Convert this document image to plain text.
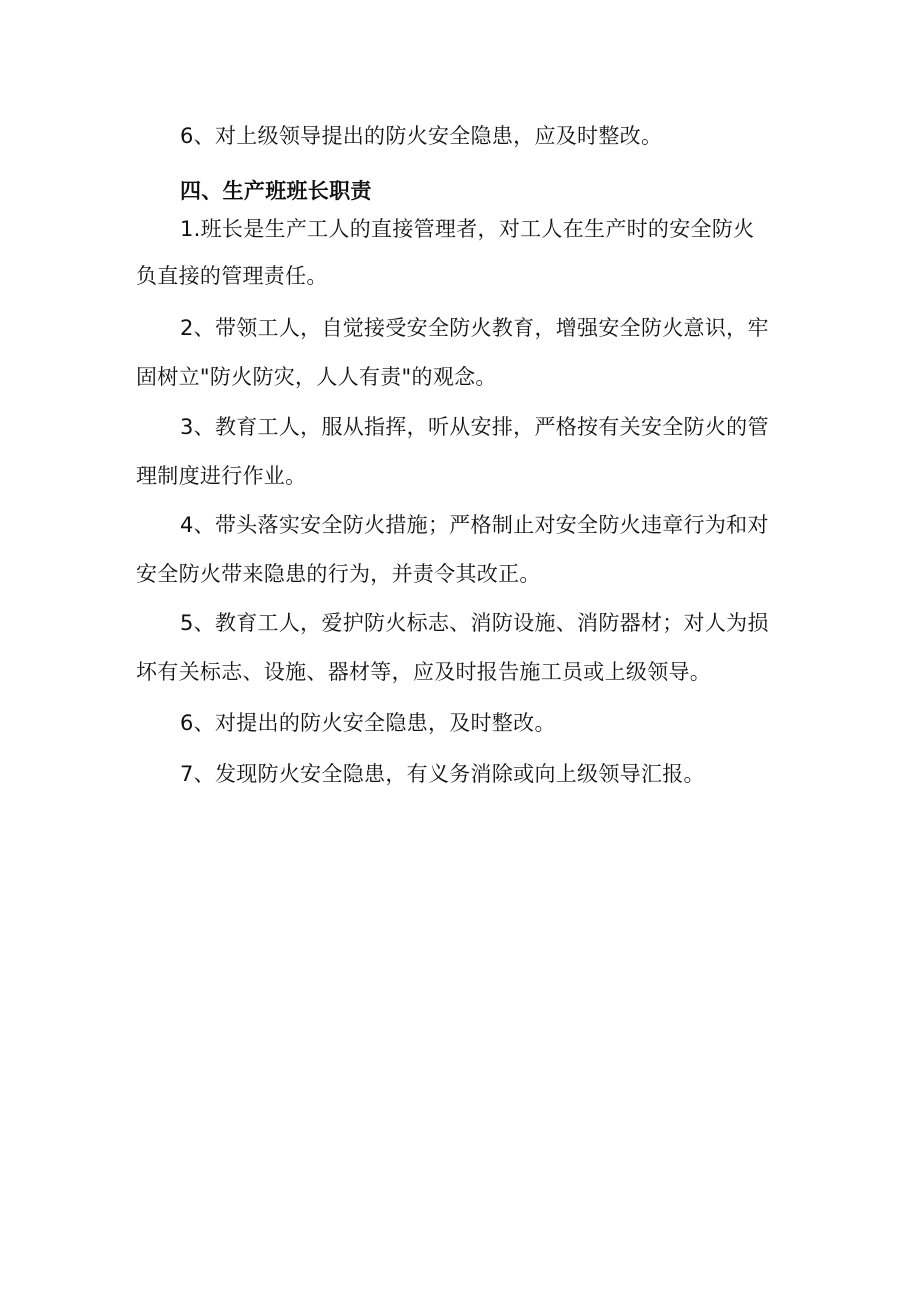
6、对上级领导提出的防火安全隐患，应及时整改。
四、生产班班长职责
1.班长是生产工人的直接管理者，对工人在生产时的安全防火
负直接的管理责任。
2、带领工人，自觉接受安全防火教育，增强安全防火意识，牢
固树立"防火防灾，人人有责"的观念。
3、教育工人，服从指挥，听从安排，严格按有关安全防火的管
理制度进行作业。
4、带头落实安全防火措施；严格制止对安全防火违章行为和对
安全防火带来隐患的行为，并责令其改正。
5、教育工人，爱护防火标志、消防设施、消防器材；对人为损
坏有关标志、设施、器材等，应及时报告施工员或上级领导。
6、对提出的防火安全隐患，及时整改。
7、发现防火安全隐患，有义务消除或向上级领导汇报。
